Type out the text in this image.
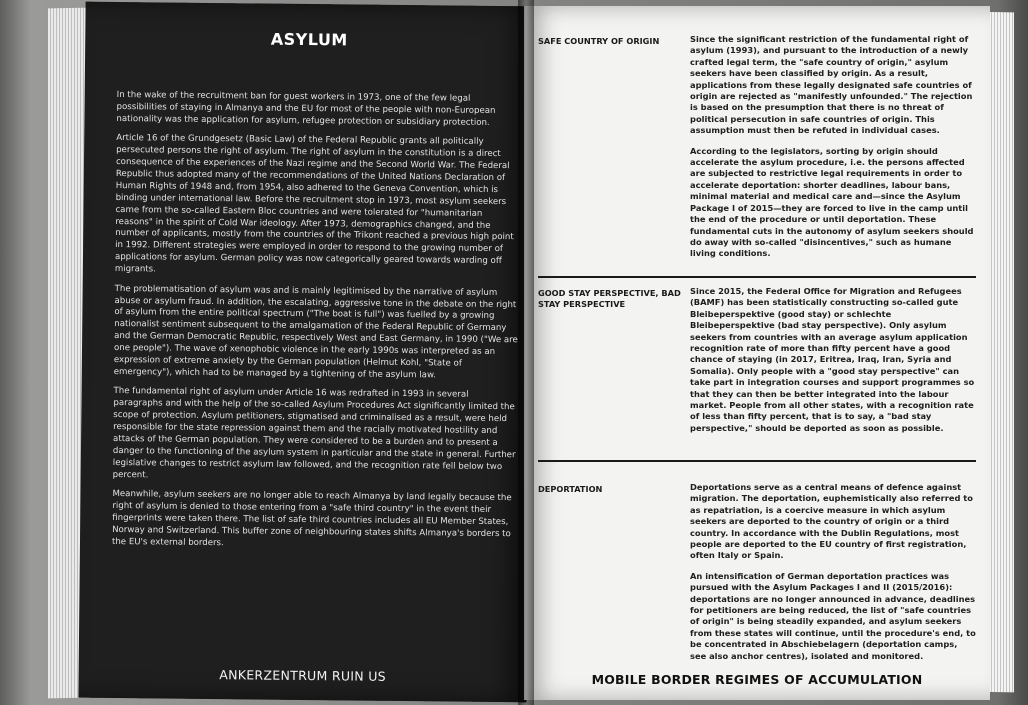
ASYLUM

In the wake of the recruitment ban for guest workers in 1973, one of the few legal possibilities of staying in Almanya and the EU for most of the people with non-European nationality was the application for asylum, refugee protection or subsidiary protection.

Article 16 of the Grundgesetz (Basic Law) of the Federal Republic grants all politically persecuted persons the right of asylum. The right of asylum in the constitution is a direct consequence of the experiences of the Nazi regime and the Second World War. The Federal Republic thus adopted many of the recommendations of the United Nations Declaration of Human Rights of 1948 and, from 1954, also adhered to the Geneva Convention, which is binding under international law. Before the recruitment stop in 1973, most asylum seekers came from the so-called Eastern Bloc countries and were tolerated for "humanitarian reasons" in the spirit of Cold War ideology. After 1973, demographics changed, and the number of applicants, mostly from the countries of the Trikont reached a previous high point in 1992. Different strategies were employed in order to respond to the growing number of applications for asylum. German policy was now categorically geared towards warding off migrants.

The problematisation of asylum was and is mainly legitimised by the narrative of asylum abuse or asylum fraud. In addition, the escalating, aggressive tone in the debate on the right of asylum from the entire political spectrum ("The boat is full") was fuelled by a growing nationalist sentiment subsequent to the amalgamation of the Federal Republic of Germany and the German Democratic Republic, respectively West and East Germany, in 1990 ("We are one people"). The wave of xenophobic violence in the early 1990s was interpreted as an expression of extreme anxiety by the German population (Helmut Kohl, "State of emergency"), which had to be managed by a tightening of the asylum law.

The fundamental right of asylum under Article 16 was redrafted in 1993 in several paragraphs and with the help of the so-called Asylum Procedures Act significantly limited the scope of protection. Asylum petitioners, stigmatised and criminalised as a result, were held responsible for the state repression against them and the racially motivated hostility and attacks of the German population. They were considered to be a burden and to present a danger to the functioning of the asylum system in particular and the state in general. Further legislative changes to restrict asylum law followed, and the recognition rate fell below two percent.

Meanwhile, asylum seekers are no longer able to reach Almanya by land legally because the right of asylum is denied to those entering from a "safe third country" in the event their fingerprints were taken there. The list of safe third countries includes all EU Member States, Norway and Switzerland. This buffer zone of neighbouring states shifts Almanya's borders to the EU's external borders.

ANKERZENTRUM RUIN US
SAFE COUNTRY OF ORIGIN	Since the significant restriction of the fundamental right of asylum (1993), and pursuant to the introduction of a newly crafted legal term, the "safe country of origin," asylum seekers have been classified by origin. As a result, applications from these legally designated safe countries of origin are rejected as "manifestly unfounded." The rejection is based on the presumption that there is no threat of political persecution in safe countries of origin. This assumption must then be refuted in individual cases.

According to the legislators, sorting by origin should accelerate the asylum procedure, i.e. the persons affected are subjected to restrictive legal requirements in order to accelerate deportation: shorter deadlines, labour bans, minimal material and medical care and—since the Asylum Package I of 2015—they are forced to live in the camp until the end of the procedure or until deportation. These fundamental cuts in the autonomy of asylum seekers should do away with so-called "disincentives," such as humane living conditions.

GOOD STAY PERSPECTIVE, BAD STAY PERSPECTIVE

Since 2015, the Federal Office for Migration and Refugees (BAMF) has been statistically constructing so-called gute Bleibeperspektive (good stay) or schlechte Bleibeperspektive (bad stay perspective). Only asylum seekers from countries with an average asylum application recognition rate of more than fifty percent have a good chance of staying (in 2017, Eritrea, Iraq, Iran, Syria and Somalia). Only people with a "good stay perspective" can take part in integration courses and support programmes so that they can then be better integrated into the labour market. People from all other states, with a recognition rate of less than fifty percent, that is to say, a "bad stay perspective," should be deported as soon as possible.

DEPORTATION	Deportations serve as a central means of defence against migration. The deportation, euphemistically also referred to as repatriation, is a coercive measure in which asylum seekers are deported to the country of origin or a third country. In accordance with the Dublin Regulations, most people are deported to the EU country of first registration, often Italy or Spain.

An intensification of German deportation practices was pursued with the Asylum Packages I and II (2015/2016): deportations are no longer announced in advance, deadlines for petitioners are being reduced, the list of "safe countries of origin" is being steadily expanded, and asylum seekers from these states will continue, until the procedure's end, to be concentrated in Abschiebelagern (deportation camps, see also anchor centres), isolated and monitored.

MOBILE BORDER REGIMES OF ACCUMULATION
